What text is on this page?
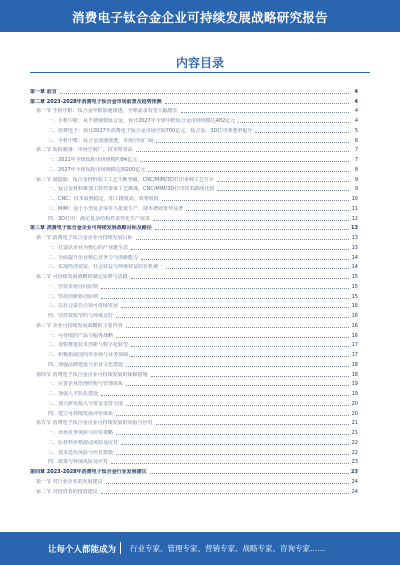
消费电子钛合金企业可持续发展战略研究报告
内容目录
第一章 前言	4
第二章 2023-2028年消费电子钛合金市场前景及趋势预测	4
第一节 手机中框：钛合金中框加速渗透，全球需求有望大幅增长	4
一、手机中框：从不锈钢到钛合金，预计2027年全球中框钛合金市场规模达482亿元	4
二、消费电子：预计2027年消费电子钛合金市场空间700亿元，钛合金、3D打印渗透率提升	5
三、手机中框：钛合金加速渗透，市场空间广阔	6
第二节 钛粉制备：市场空间广，技术壁垒高	7
一、2021年全球钛粉市场规模约84亿元	7
二、2027年全球钛粉市场规模达到200亿元	8
第三节 制造端：钛合金材料加工工艺不断突破，CNC/MIM/3D打印多种工艺并存	9
一、钛合金材料难加工特性带来工艺挑战，CNC/MIM/3D打印技术路线比较	9
二、CNC：技术成熟稳定，加工精度高，效率较低	10
三、MIM：适于小型复杂零件大批量生产，降本增效优势显著	11
四、3D打印：满足复杂结构件柔性化生产需求	12
第三章 消费电子钛合金企业可持续发展战略目标及路径	13
第一节 消费电子钛合金企业可持续发展目标	13
一、打造以企业为核心的产业链生态	13
二、全面提升企业核心竞争力与创新能力	14
三、实现经济效益、社会效益与环境效益的有机统一	14
第二节 可持续发展战略的制定原则与思路	15
一、坚持市场导向原则	15
二、坚持创新驱动原则	15
三、以社会责任引领可持续发展	16
四、坚持资源节约与环境友好	16
第三节 企业可持续发展战略的主要内容	16
一、可持续的产品与服务战略	16
二、加快推进技术创新与数字化转型	17
三、积极拓展国内外市场与业务领域	17
四、加强品牌建设与企业文化建设	18
第四节 消费电子钛合金企业可持续发展的保障措施	18
一、完善企业治理结构与管理体系	19
二、加强人才队伍建设	19
三、加大研发投入与资金支持力度	20
四、建立可持续发展评价体系	20
第五节 消费电子钛合金企业可持续发展的风险与应对	21
一、市场竞争风险与应对策略	21
二、原材料价格波动风险及应对	22
三、技术迭代风险与应对措施	22
四、政策与环保风险及应对	23
第四章 2023-2028年消费电子钛合金行业发展建议	23
第一节 对行业企业的发展建议	24
第二节 对投资者的投资建议	24
让每个人都能成为 行业专家、管理专家、营销专家、战略专家、咨询专家……
